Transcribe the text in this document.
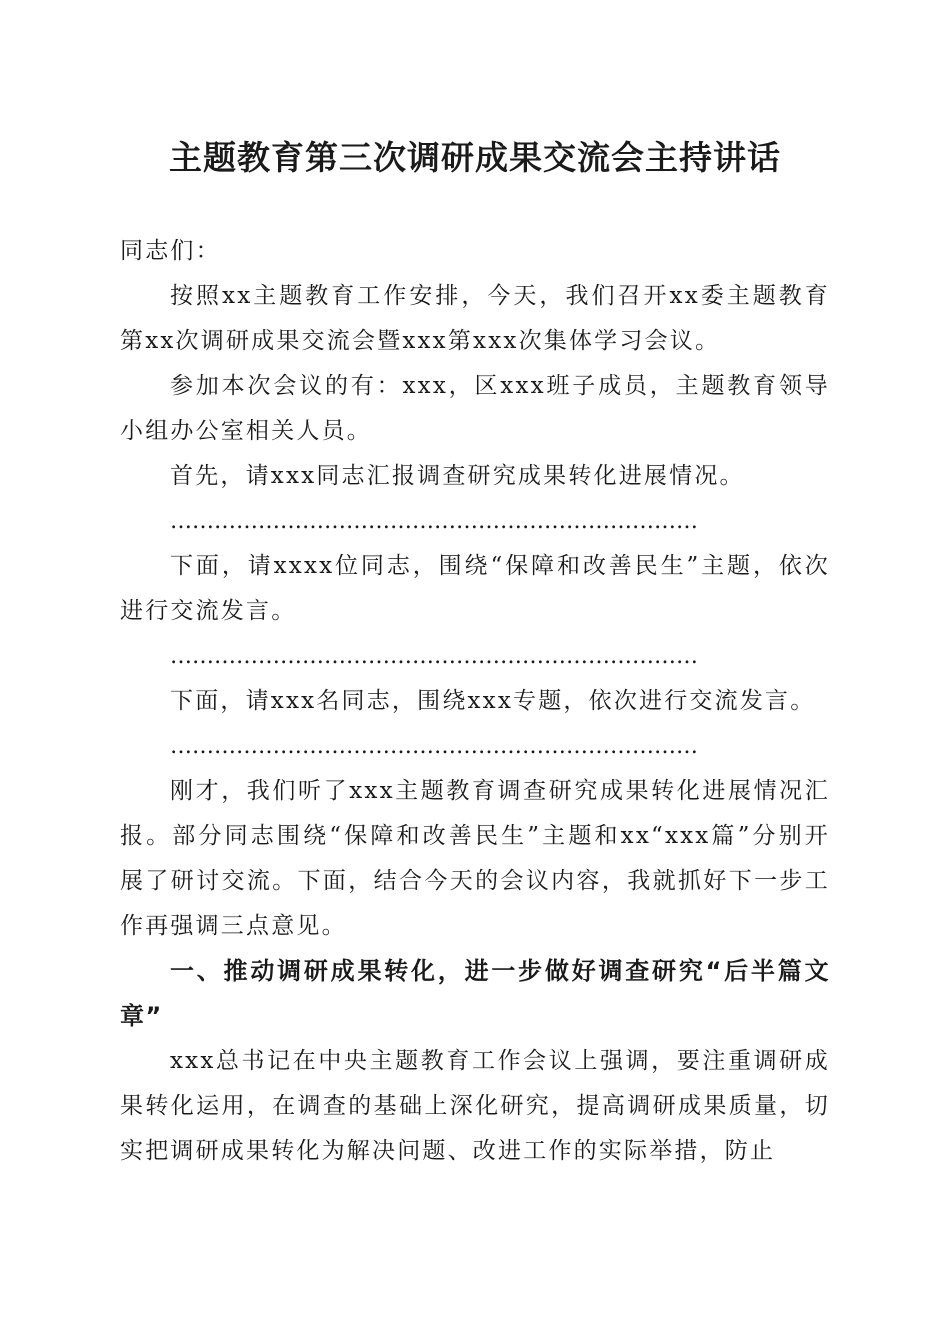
主题教育第三次调研成果交流会主持讲话

同志们：

按照xx主题教育工作安排，今天，我们召开xx委主题教育第xx次调研成果交流会暨xxx第xxx次集体学习会议。

参加本次会议的有：xxx，区xxx班子成员，主题教育领导小组办公室相关人员。

首先，请xxx同志汇报调查研究成果转化进展情况。

………………………………………………………………

下面，请xxxx位同志，围绕“保障和改善民生”主题，依次进行交流发言。

………………………………………………………………

下面，请xxx名同志，围绕xxx专题，依次进行交流发言。

………………………………………………………………

刚才，我们听了xxx主题教育调查研究成果转化进展情况汇报。部分同志围绕“保障和改善民生”主题和xx“xxx篇”分别开展了研讨交流。下面，结合今天的会议内容，我就抓好下一步工作再强调三点意见。

一、推动调研成果转化，进一步做好调查研究“后半篇文章”

xxx总书记在中央主题教育工作会议上强调，要注重调研成果转化运用，在调查的基础上深化研究，提高调研成果质量，切实把调研成果转化为解决问题、改进工作的实际举措，防止
